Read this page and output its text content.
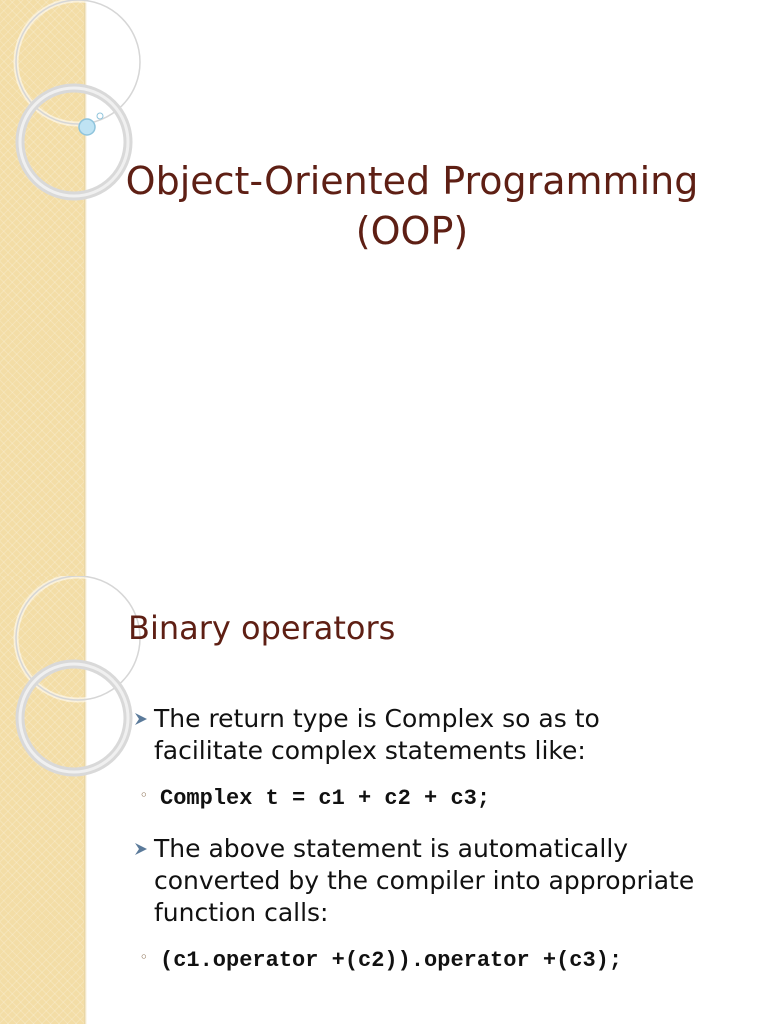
Object-Oriented Programming
(OOP)
Binary operators
The return type is Complex so as to facilitate complex statements like:
◦ Complex t = c1 + c2 + c3;
The above statement is automatically converted by the compiler into appropriate function calls:
◦ (c1.operator +(c2)).operator +(c3);
